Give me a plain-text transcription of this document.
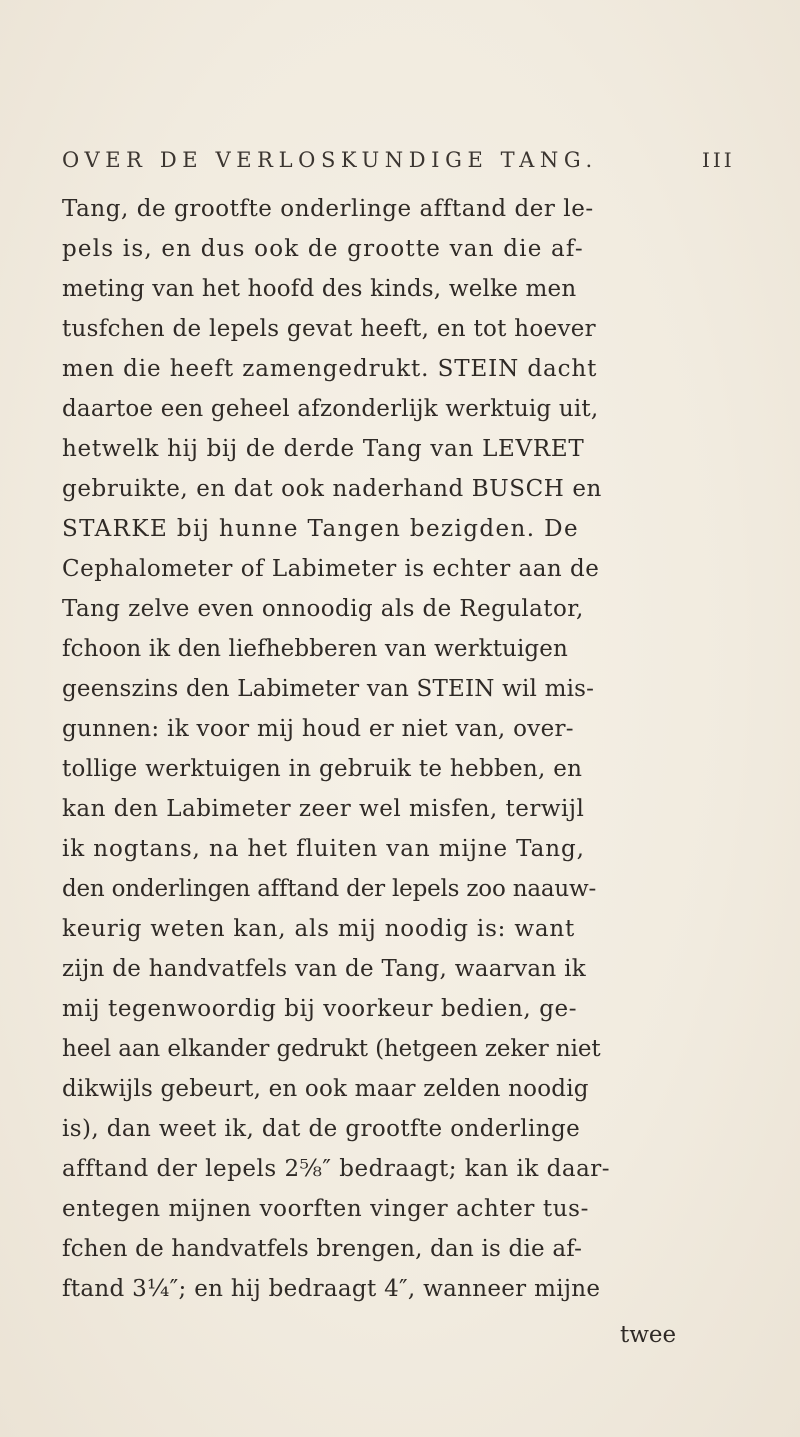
OVER DE VERLOSKUNDIGE TANG.	III
Tang, de grootfte onderlinge afftand der le-
pels is, en dus ook de grootte van die af-
meting van het hoofd des kinds, welke men
tusfchen de lepels gevat heeft, en tot hoever
men die heeft zamengedrukt. STEIN dacht
daartoe een geheel afzonderlijk werktuig uit,
hetwelk hij bij de derde Tang van LEVRET
gebruikte, en dat ook naderhand BUSCH en
STARKE bij hunne Tangen bezigden. De
Cephalometer of Labimeter is echter aan de
Tang zelve even onnoodig als de Regulator,
fchoon ik den liefhebberen van werktuigen
geenszins den Labimeter van STEIN wil mis-
gunnen: ik voor mij houd er niet van, over-
tollige werktuigen in gebruik te hebben, en
kan den Labimeter zeer wel misfen, terwijl
ik nogtans, na het fluiten van mijne Tang,
den onderlingen afftand der lepels zoo naauw-
keurig weten kan, als mij noodig is: want
zijn de handvatfels van de Tang, waarvan ik
mij tegenwoordig bij voorkeur bedien, ge-
heel aan elkander gedrukt (hetgeen zeker niet
dikwijls gebeurt, en ook maar zelden noodig
is), dan weet ik, dat de grootfte onderlinge
afftand der lepels 2⅝″ bedraagt; kan ik daar-
entegen mijnen voorften vinger achter tus-
fchen de handvatfels brengen, dan is die af-
ftand 3¼″; en hij bedraagt 4″, wanneer mijne
twee
